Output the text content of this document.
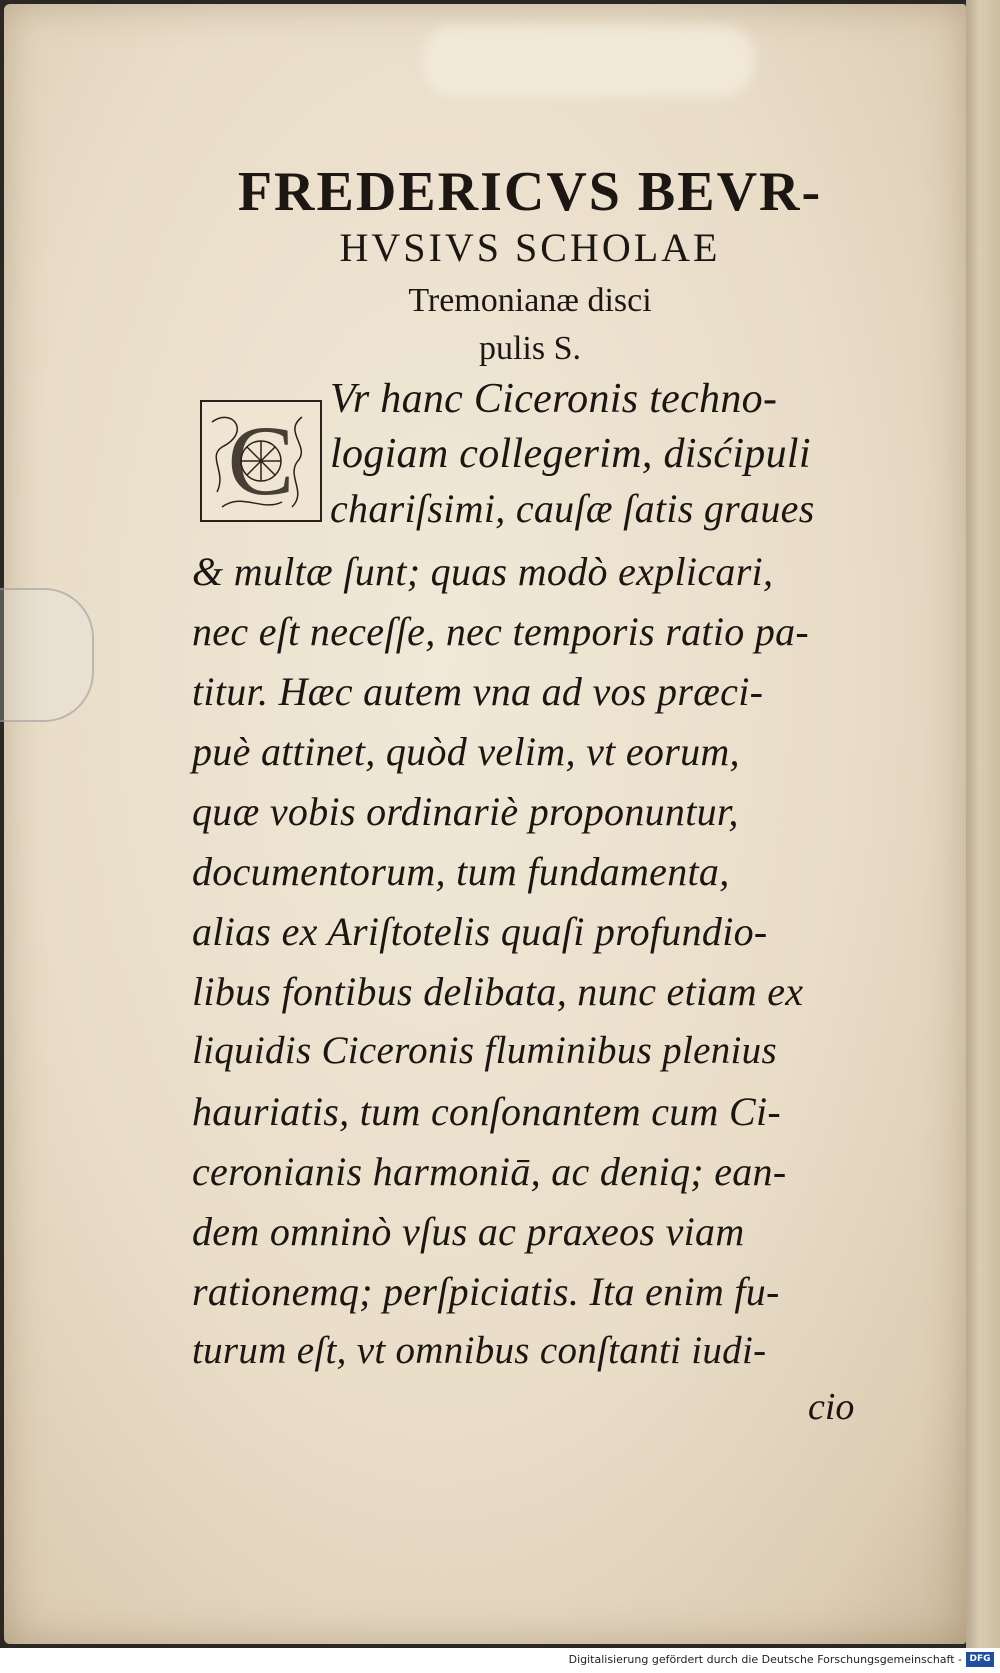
FREDERICVS BEVR-
HVSIVS SCHOLAE
Tremonianæ disci
pulis S.
C
Vr hanc Ciceronis techno-
logiam collegerim, disćipuli
chariſsimi, cauſæ ſatis graues
& multæ ſunt; quas modò explicari,
nec eſt neceſſe, nec temporis ratio pa-
titur. Hæc autem vna ad vos præci-
puè attinet, quòd velim, vt eorum,
quæ vobis ordinariè proponuntur,
documentorum, tum fundamenta,
alias ex Ariſtotelis quaſi profundio-
libus fontibus delibata, nunc etiam ex
liquidis Ciceronis fluminibus plenius
hauriatis, tum conſonantem cum Ci-
ceronianis harmoniā, ac deniq; ean-
dem omninò vſus ac praxeos viam
rationemq; perſpiciatis. Ita enim fu-
turum eſt, vt omnibus conſtanti iudi-
cio
Digitalisierung gefördert durch die Deutsche Forschungsgemeinschaft - DFG
